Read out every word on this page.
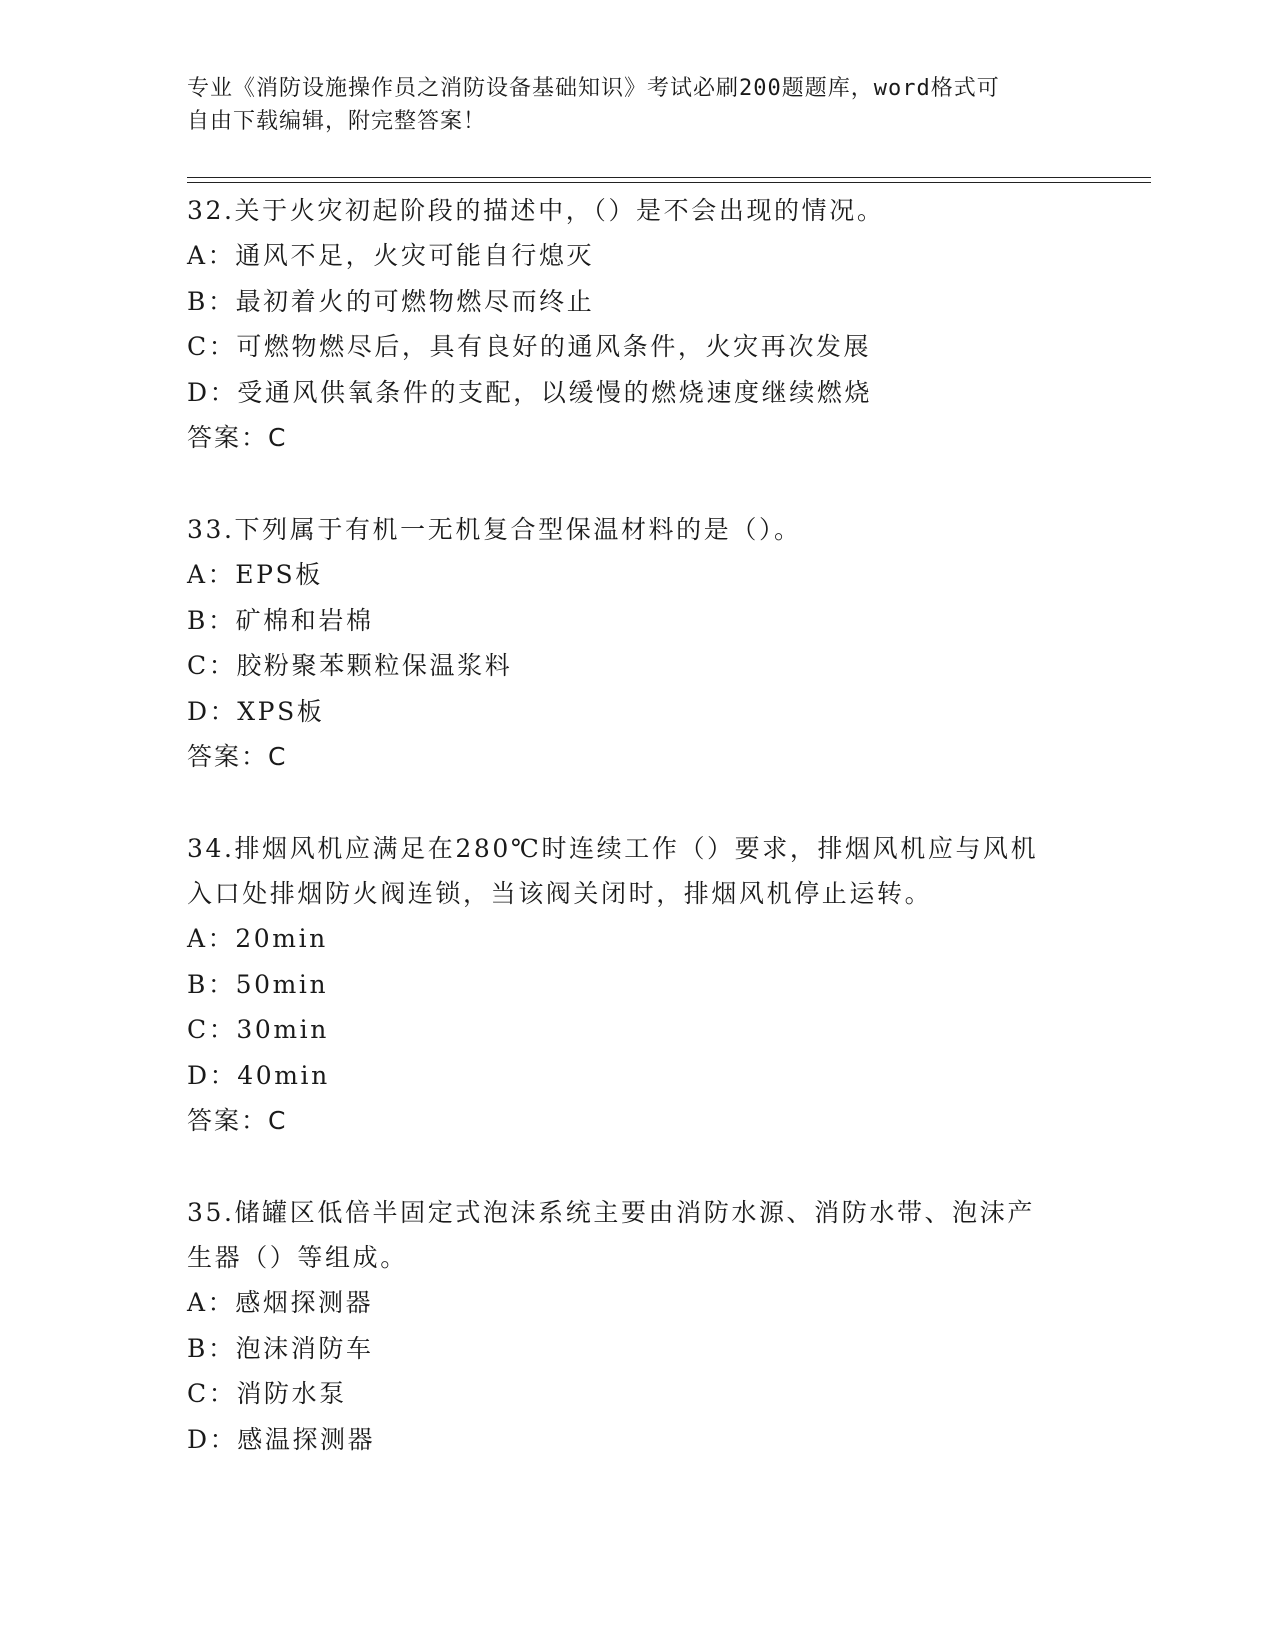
专业《消防设施操作员之消防设备基础知识》考试必刷200题题库，word格式可
自由下载编辑，附完整答案！

32.关于火灾初起阶段的描述中，（）是不会出现的情况。

A：通风不足，火灾可能自行熄灭

B：最初着火的可燃物燃尽而终止

C：可燃物燃尽后，具有良好的通风条件，火灾再次发展

D：受通风供氧条件的支配，以缓慢的燃烧速度继续燃烧

答案：C

33.下列属于有机一无机复合型保温材料的是（）。

A：EPS板

B：矿棉和岩棉

C：胶粉聚苯颗粒保温浆料

D：XPS板

答案：C

34.排烟风机应满足在280℃时连续工作（）要求，排烟风机应与风机
入口处排烟防火阀连锁，当该阀关闭时，排烟风机停止运转。

A：20min

B：50min

C：30min

D：40min

答案：C

35.储罐区低倍半固定式泡沫系统主要由消防水源、消防水带、泡沫产
生器（）等组成。

A：感烟探测器

B：泡沫消防车

C：消防水泵

D：感温探测器
